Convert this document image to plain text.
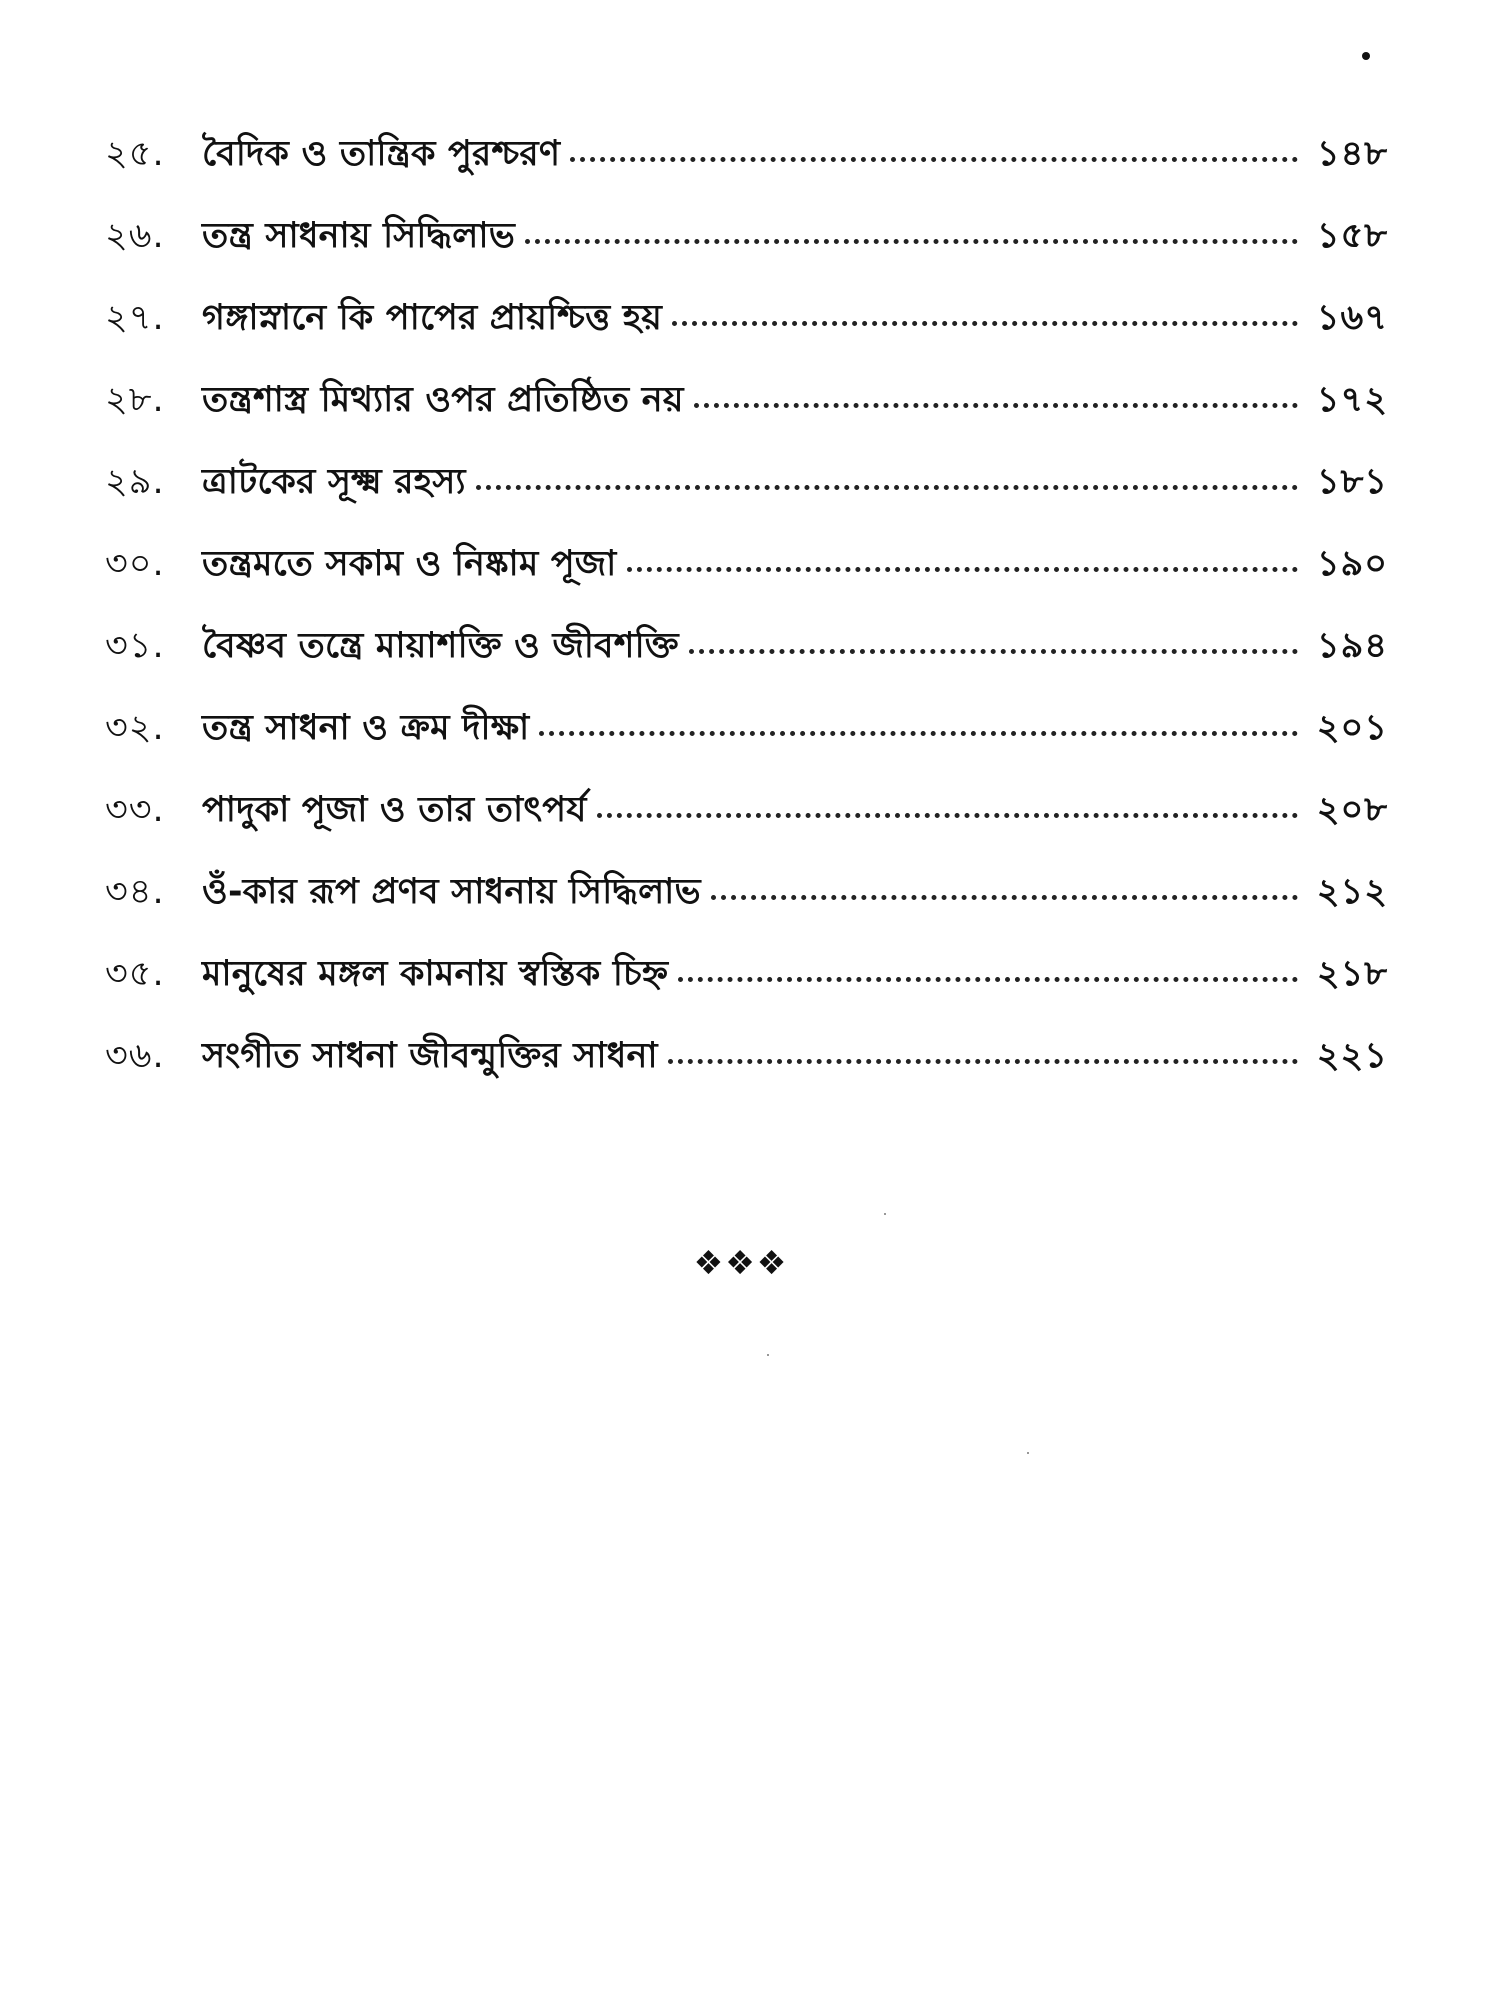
২৫.	বৈদিক ও তান্ত্রিক পুরশ্চরণ	১৪৮
২৬.	তন্ত্র সাধনায় সিদ্ধিলাভ	১৫৮
২৭.	গঙ্গাস্নানে কি পাপের প্রায়শ্চিত্ত হয়	১৬৭
২৮.	তন্ত্রশাস্ত্র মিথ্যার ওপর প্রতিষ্ঠিত নয়	১৭২
২৯.	ত্রাটকের সূক্ষ্ম রহস্য	১৮১
৩০.	তন্ত্রমতে সকাম ও নিষ্কাম পূজা	১৯০
৩১.	বৈষ্ণব তন্ত্রে মায়াশক্তি ও জীবশক্তি	১৯৪
৩২.	তন্ত্র সাধনা ও ক্রম দীক্ষা	২০১
৩৩.	পাদুকা পূজা ও তার তাৎপর্য	২০৮
৩৪.	ওঁ-কার রূপ প্রণব সাধনায় সিদ্ধিলাভ	২১২
৩৫.	মানুষের মঙ্গল কামনায় স্বস্তিক চিহ্ন	২১৮
৩৬.	সংগীত সাধনা জীবন্মুক্তির সাধনা	২২১
❖❖❖
